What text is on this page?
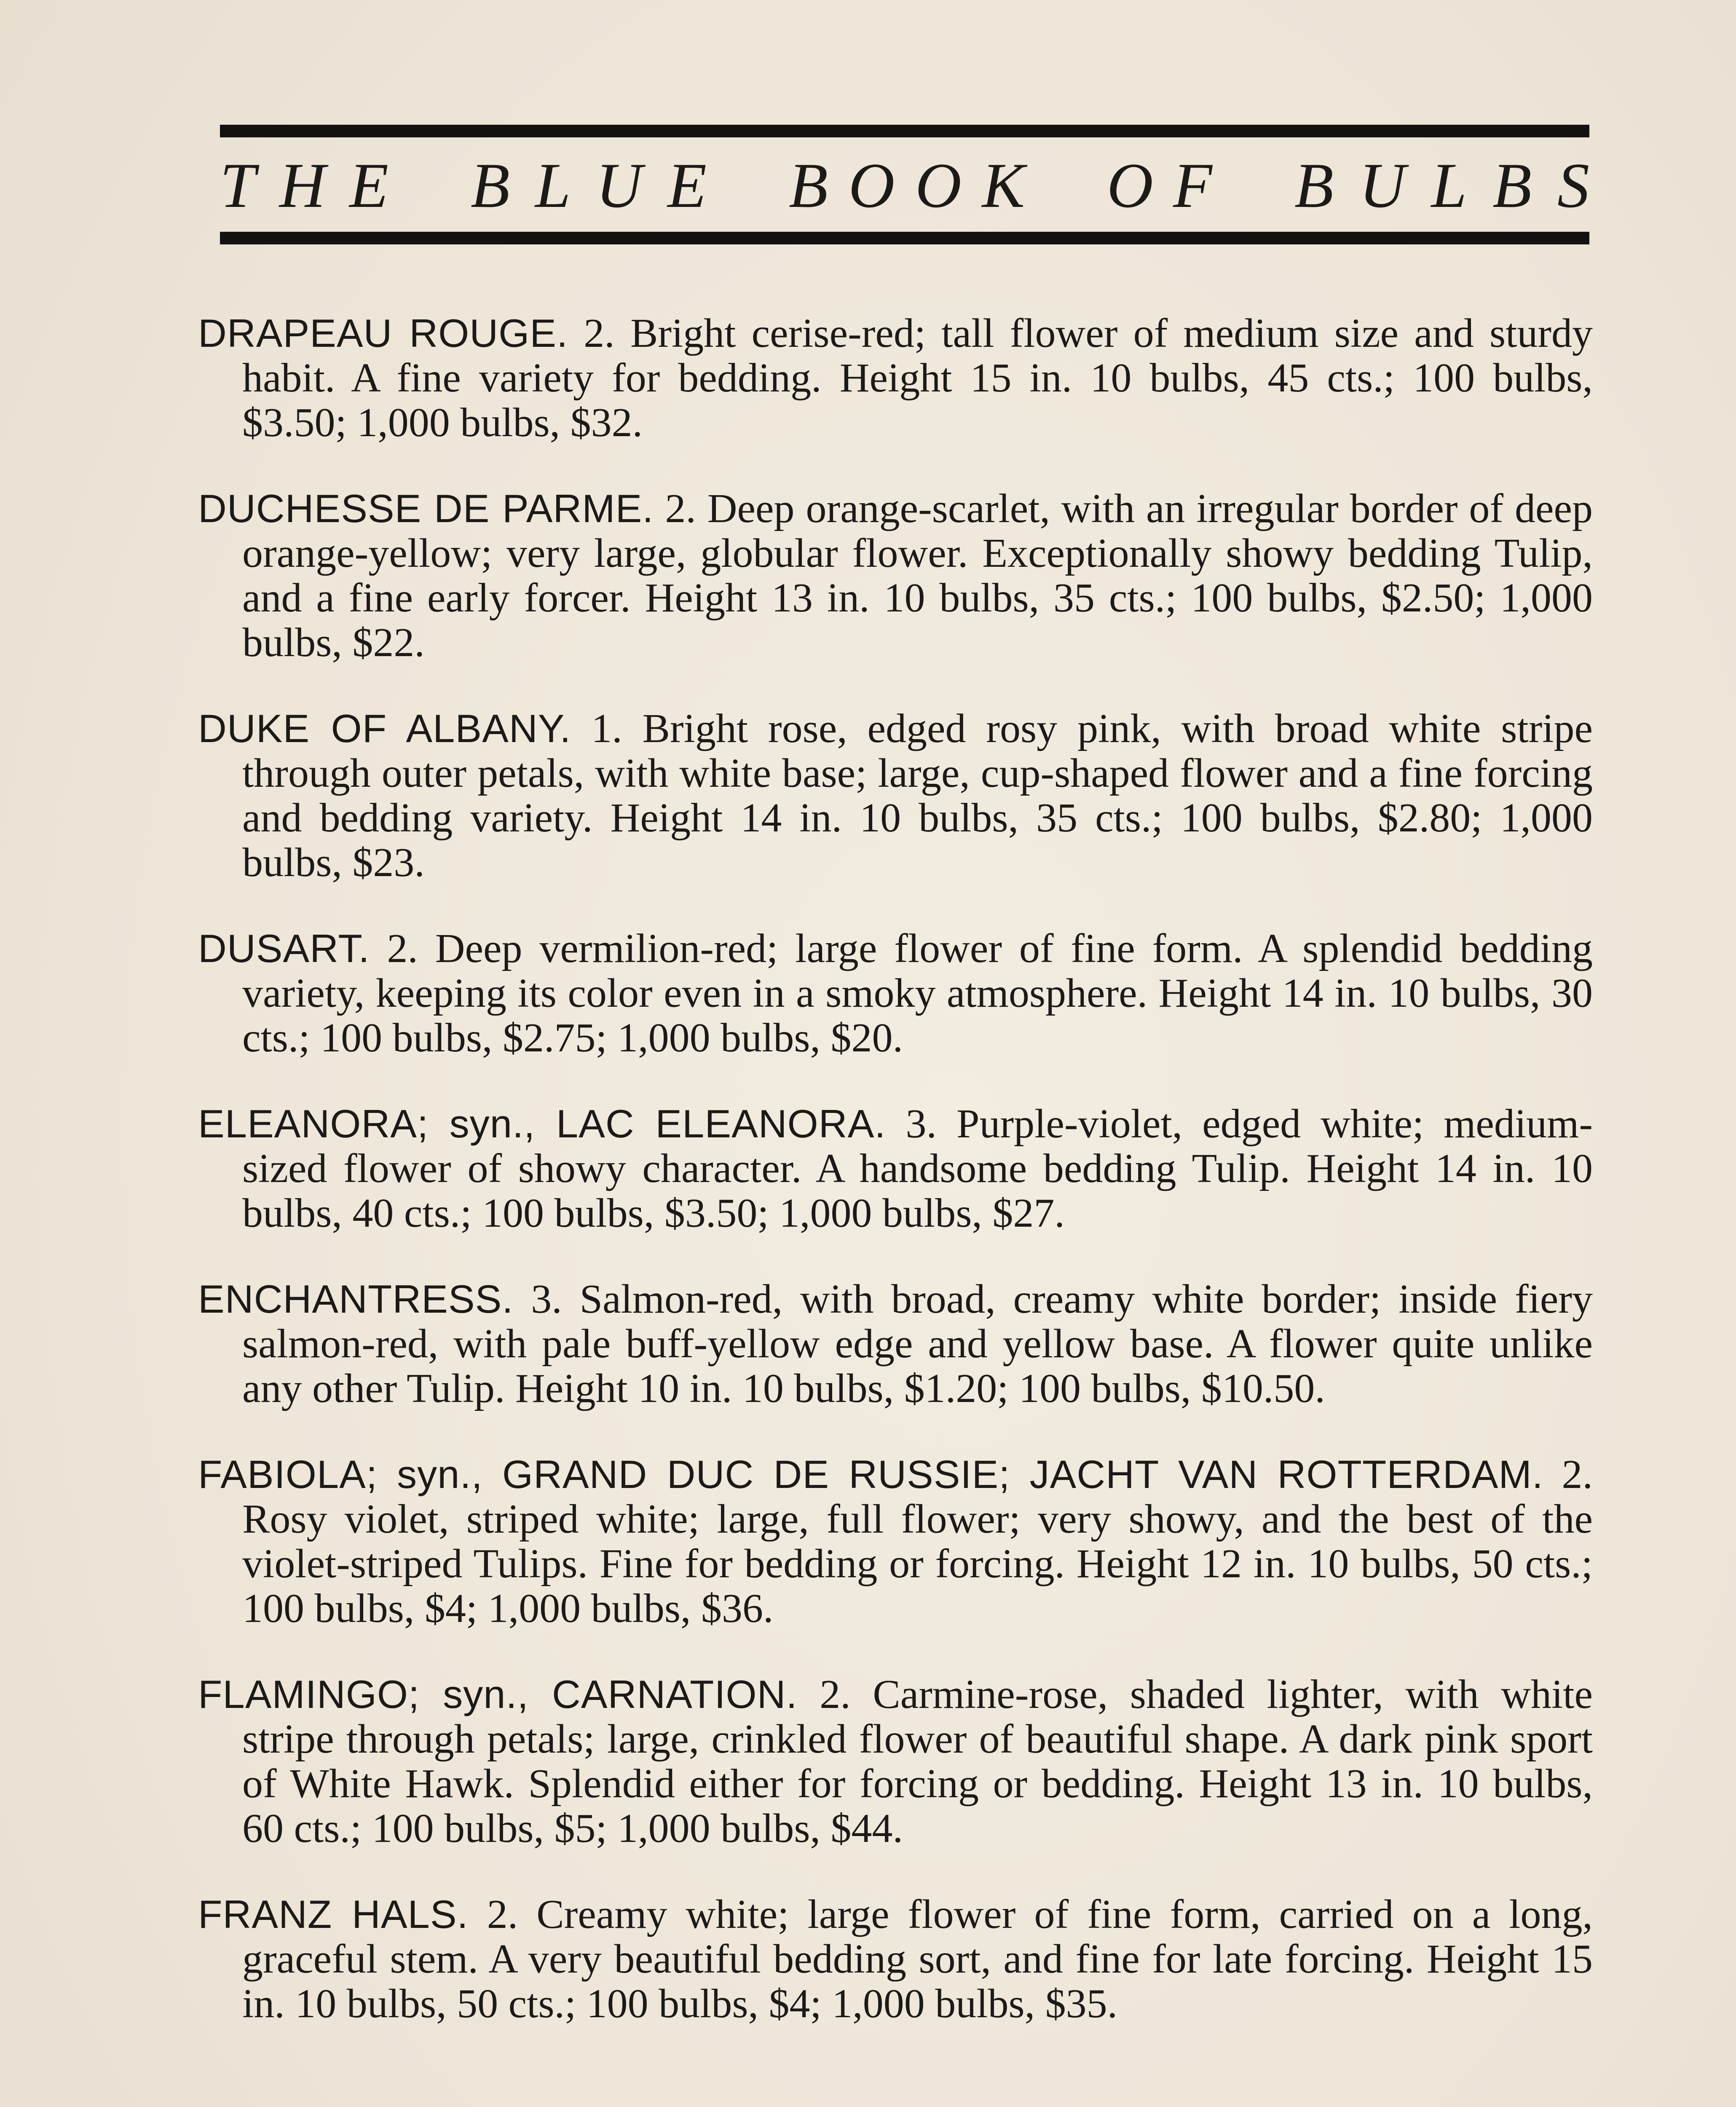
T H E B L U E B O O K O F B U L B S

DRAPEAU ROUGE. 2. Bright cerise-red; tall flower of medium size and sturdy habit. A fine variety for bedding. Height 15 in. 10 bulbs, 45 cts.; 100 bulbs, $3.50; 1,000 bulbs, $32.

DUCHESSE DE PARME. 2. Deep orange-scarlet, with an irregular border of deep orange-yellow; very large, globular flower. Exceptionally showy bedding Tulip, and a fine early forcer. Height 13 in. 10 bulbs, 35 cts.; 100 bulbs, $2.50; 1,000 bulbs, $22.

DUKE OF ALBANY. 1. Bright rose, edged rosy pink, with broad white stripe through outer petals, with white base; large, cup-shaped flower and a fine forcing and bedding variety. Height 14 in. 10 bulbs, 35 cts.; 100 bulbs, $2.80; 1,000 bulbs, $23.

DUSART. 2. Deep vermilion-red; large flower of fine form. A splendid bedding variety, keeping its color even in a smoky atmosphere. Height 14 in. 10 bulbs, 30 cts.; 100 bulbs, $2.75; 1,000 bulbs, $20.

ELEANORA; syn., LAC ELEANORA. 3. Purple-violet, edged white; medium-sized flower of showy character. A handsome bedding Tulip. Height 14 in. 10 bulbs, 40 cts.; 100 bulbs, $3.50; 1,000 bulbs, $27.

ENCHANTRESS. 3. Salmon-red, with broad, creamy white border; inside fiery salmon-red, with pale buff-yellow edge and yellow base. A flower quite unlike any other Tulip. Height 10 in. 10 bulbs, $1.20; 100 bulbs, $10.50.

FABIOLA; syn., GRAND DUC DE RUSSIE; JACHT VAN ROTTERDAM. 2. Rosy violet, striped white; large, full flower; very showy, and the best of the violet-striped Tulips. Fine for bedding or forcing. Height 12 in. 10 bulbs, 50 cts.; 100 bulbs, $4; 1,000 bulbs, $36.

FLAMINGO; syn., CARNATION. 2. Carmine-rose, shaded lighter, with white stripe through petals; large, crinkled flower of beautiful shape. A dark pink sport of White Hawk. Splendid either for forcing or bedding. Height 13 in. 10 bulbs, 60 cts.; 100 bulbs, $5; 1,000 bulbs, $44.

FRANZ HALS. 2. Creamy white; large flower of fine form, carried on a long, graceful stem. A very beautiful bedding sort, and fine for late forcing. Height 15 in. 10 bulbs, 50 cts.; 100 bulbs, $4; 1,000 bulbs, $35.
